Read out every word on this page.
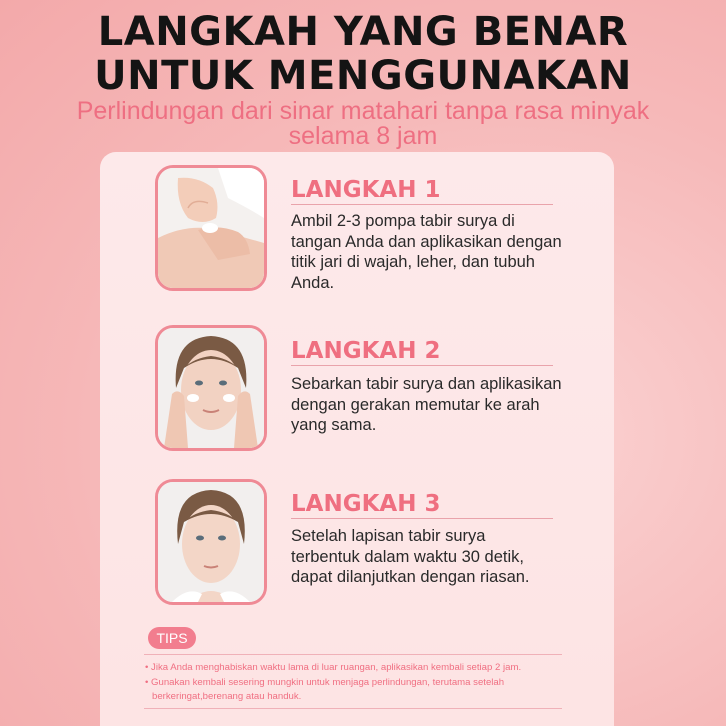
LANGKAH YANG BENAR
UNTUK MENGGUNAKAN
Perlindungan dari sinar matahari tanpa rasa minyak
selama 8 jam
LANGKAH 1
Ambil 2-3 pompa tabir surya di
tangan Anda dan aplikasikan dengan
titik jari di wajah, leher, dan tubuh
Anda.
LANGKAH 2
Sebarkan tabir surya dan aplikasikan
dengan gerakan memutar ke arah
yang sama.
LANGKAH 3
Setelah lapisan tabir surya
terbentuk dalam waktu 30 detik,
dapat dilanjutkan dengan riasan.
TIPS
• Jika Anda menghabiskan waktu lama di luar ruangan, aplikasikan kembali setiap 2 jam.
• Gunakan kembali sesering mungkin untuk menjaga perlindungan, terutama setelah
berkeringat,berenang atau handuk.
